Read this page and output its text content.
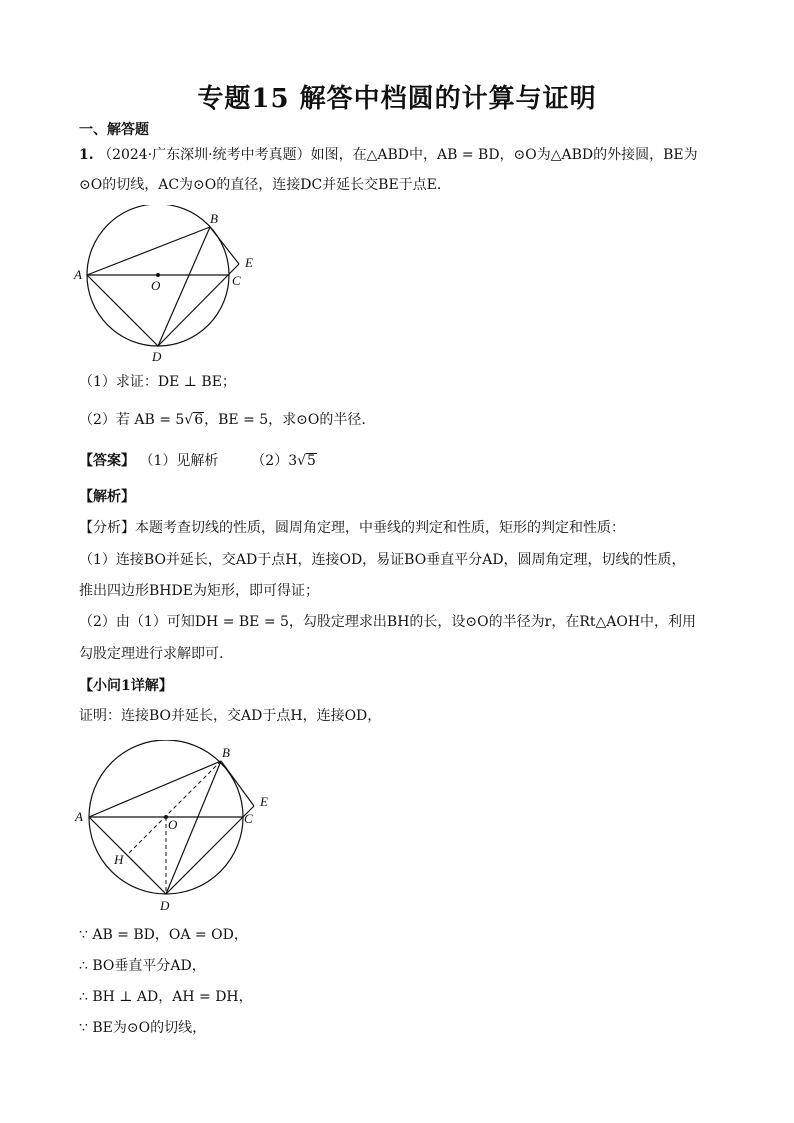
专题15 解答中档圆的计算与证明
一、解答题
1. （2024·广东深圳·统考中考真题）如图，在△ABD中，AB = BD，⊙O为△ABD的外接圆，BE为
⊙O的切线，AC为⊙O的直径，连接DC并延长交BE于点E.
A
B
C
D
E
O
（1）求证：DE ⊥ BE；
（2）若 AB = 5√6，BE = 5，求⊙O的半径.
【答案】 （1）见解析 （2）3√5
【解析】
【分析】本题考查切线的性质，圆周角定理，中垂线的判定和性质，矩形的判定和性质：
（1）连接BO并延长，交AD于点H，连接OD，易证BO垂直平分AD，圆周角定理，切线的性质，
推出四边形BHDE为矩形，即可得证；
（2）由（1）可知DH = BE = 5，勾股定理求出BH的长，设⊙O的半径为r，在Rt△AOH中，利用
勾股定理进行求解即可.
【小问1详解】
证明：连接BO并延长，交AD于点H，连接OD，
A
B
C
D
E
O
H
∵ AB = BD，OA = OD，
∴ BO垂直平分AD，
∴ BH ⊥ AD，AH = DH，
∵ BE为⊙O的切线，
